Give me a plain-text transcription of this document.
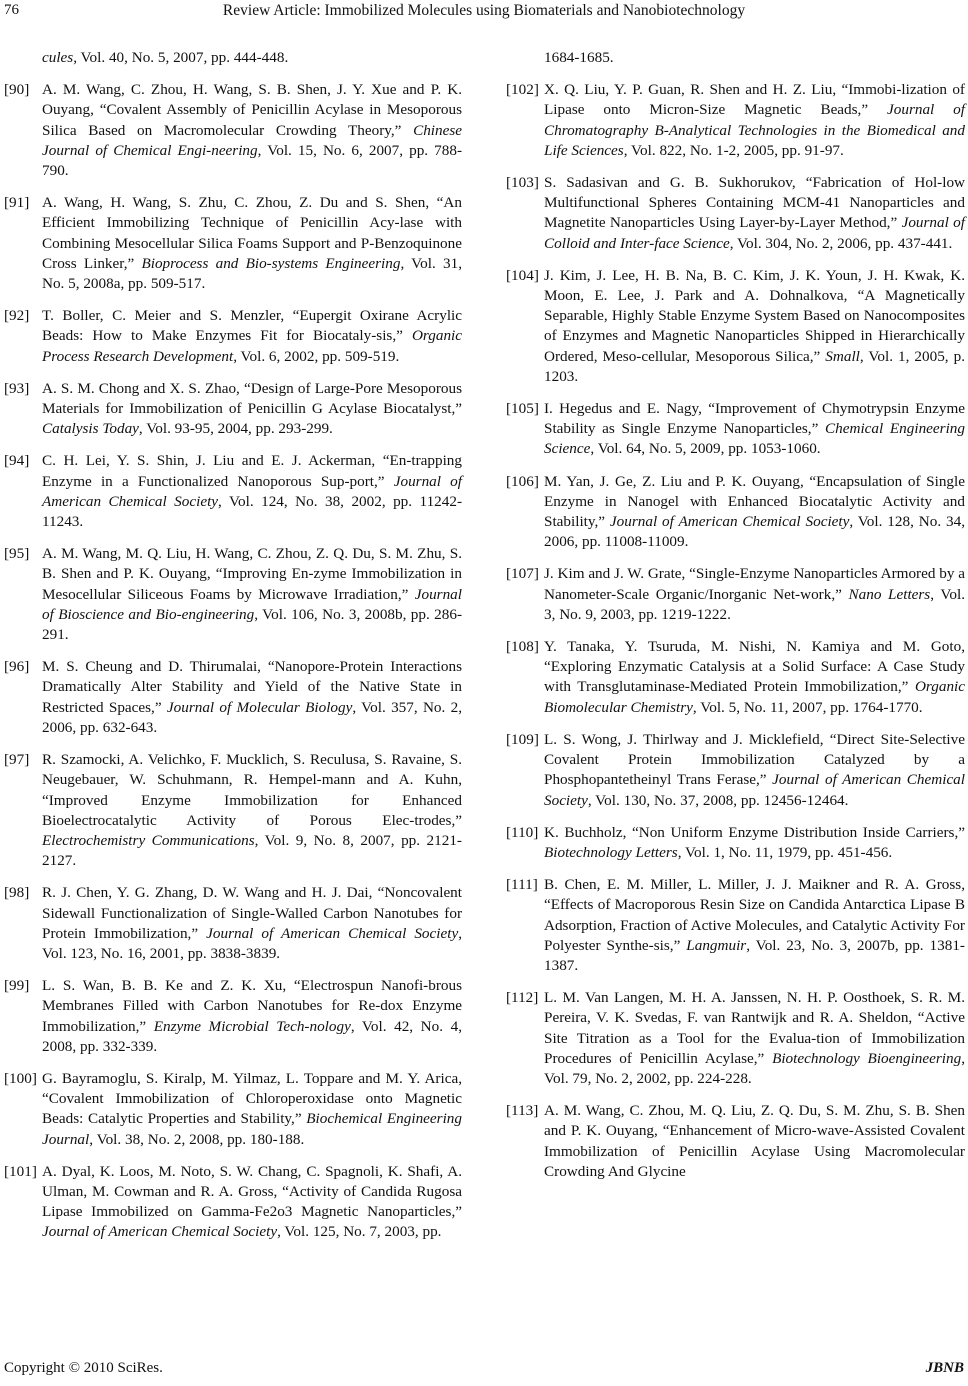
76	Review Article: Immobilized Molecules using Biomaterials and Nanobiotechnology
cules, Vol. 40, No. 5, 2007, pp. 444-448.
[90] A. M. Wang, C. Zhou, H. Wang, S. B. Shen, J. Y. Xue and P. K. Ouyang, “Covalent Assembly of Penicillin Acylase in Mesoporous Silica Based on Macromolecular Crowding Theory,” Chinese Journal of Chemical Engi-neering, Vol. 15, No. 6, 2007, pp. 788-790.
[91] A. Wang, H. Wang, S. Zhu, C. Zhou, Z. Du and S. Shen, “An Efficient Immobilizing Technique of Penicillin Acy-lase with Combining Mesocellular Silica Foams Support and P-Benzoquinone Cross Linker,” Bioprocess and Bio-systems Engineering, Vol. 31, No. 5, 2008a, pp. 509-517.
[92] T. Boller, C. Meier and S. Menzler, “Eupergit Oxirane Acrylic Beads: How to Make Enzymes Fit for Biocataly-sis,” Organic Process Research Development, Vol. 6, 2002, pp. 509-519.
[93] A. S. M. Chong and X. S. Zhao, “Design of Large-Pore Mesoporous Materials for Immobilization of Penicillin G Acylase Biocatalyst,” Catalysis Today, Vol. 93-95, 2004, pp. 293-299.
[94] C. H. Lei, Y. S. Shin, J. Liu and E. J. Ackerman, “En-trapping Enzyme in a Functionalized Nanoporous Sup-port,” Journal of American Chemical Society, Vol. 124, No. 38, 2002, pp. 11242-11243.
[95] A. M. Wang, M. Q. Liu, H. Wang, C. Zhou, Z. Q. Du, S. M. Zhu, S. B. Shen and P. K. Ouyang, “Improving En-zyme Immobilization in Mesocellular Siliceous Foams by Microwave Irradiation,” Journal of Bioscience and Bio-engineering, Vol. 106, No. 3, 2008b, pp. 286-291.
[96] M. S. Cheung and D. Thirumalai, “Nanopore-Protein Interactions Dramatically Alter Stability and Yield of the Native State in Restricted Spaces,” Journal of Molecular Biology, Vol. 357, No. 2, 2006, pp. 632-643.
[97] R. Szamocki, A. Velichko, F. Mucklich, S. Reculusa, S. Ravaine, S. Neugebauer, W. Schuhmann, R. Hempel-mann and A. Kuhn, “Improved Enzyme Immobilization for Enhanced Bioelectrocatalytic Activity of Porous Elec-trodes,” Electrochemistry Communications, Vol. 9, No. 8, 2007, pp. 2121-2127.
[98] R. J. Chen, Y. G. Zhang, D. W. Wang and H. J. Dai, “Noncovalent Sidewall Functionalization of Single-Walled Carbon Nanotubes for Protein Immobilization,” Journal of American Chemical Society, Vol. 123, No. 16, 2001, pp. 3838-3839.
[99] L. S. Wan, B. B. Ke and Z. K. Xu, “Electrospun Nanofi-brous Membranes Filled with Carbon Nanotubes for Re-dox Enzyme Immobilization,” Enzyme Microbial Tech-nology, Vol. 42, No. 4, 2008, pp. 332-339.
[100] G. Bayramoglu, S. Kiralp, M. Yilmaz, L. Toppare and M. Y. Arica, “Covalent Immobilization of Chloroperoxidase onto Magnetic Beads: Catalytic Properties and Stability,” Biochemical Engineering Journal, Vol. 38, No. 2, 2008, pp. 180-188.
[101] A. Dyal, K. Loos, M. Noto, S. W. Chang, C. Spagnoli, K. Shafi, A. Ulman, M. Cowman and R. A. Gross, “Activity of Candida Rugosa Lipase Immobilized on Gamma-Fe2o3 Magnetic Nanoparticles,” Journal of American Chemical Society, Vol. 125, No. 7, 2003, pp.
1684-1685.
[102] X. Q. Liu, Y. P. Guan, R. Shen and H. Z. Liu, “Immobi-lization of Lipase onto Micron-Size Magnetic Beads,” Journal of Chromatography B-Analytical Technologies in the Biomedical and Life Sciences, Vol. 822, No. 1-2, 2005, pp. 91-97.
[103] S. Sadasivan and G. B. Sukhorukov, “Fabrication of Hol-low Multifunctional Spheres Containing MCM-41 Nanoparticles and Magnetite Nanoparticles Using Layer-by-Layer Method,” Journal of Colloid and Inter-face Science, Vol. 304, No. 2, 2006, pp. 437-441.
[104] J. Kim, J. Lee, H. B. Na, B. C. Kim, J. K. Youn, J. H. Kwak, K. Moon, E. Lee, J. Park and A. Dohnalkova, “A Magnetically Separable, Highly Stable Enzyme System Based on Nanocomposites of Enzymes and Magnetic Nanoparticles Shipped in Hierarchically Ordered, Meso-cellular, Mesoporous Silica,” Small, Vol. 1, 2005, p. 1203.
[105] I. Hegedus and E. Nagy, “Improvement of Chymotrypsin Enzyme Stability as Single Enzyme Nanoparticles,” Chemical Engineering Science, Vol. 64, No. 5, 2009, pp. 1053-1060.
[106] M. Yan, J. Ge, Z. Liu and P. K. Ouyang, “Encapsulation of Single Enzyme in Nanogel with Enhanced Biocatalytic Activity and Stability,” Journal of American Chemical Society, Vol. 128, No. 34, 2006, pp. 11008-11009.
[107] J. Kim and J. W. Grate, “Single-Enzyme Nanoparticles Armored by a Nanometer-Scale Organic/Inorganic Net-work,” Nano Letters, Vol. 3, No. 9, 2003, pp. 1219-1222.
[108] Y. Tanaka, Y. Tsuruda, M. Nishi, N. Kamiya and M. Goto, “Exploring Enzymatic Catalysis at a Solid Surface: A Case Study with Transglutaminase-Mediated Protein Immobilization,” Organic Biomolecular Chemistry, Vol. 5, No. 11, 2007, pp. 1764-1770.
[109] L. S. Wong, J. Thirlway and J. Micklefield, “Direct Site-Selective Covalent Protein Immobilization Catalyzed by a Phosphopantetheinyl Trans Ferase,” Journal of American Chemical Society, Vol. 130, No. 37, 2008, pp. 12456-12464.
[110] K. Buchholz, “Non Uniform Enzyme Distribution Inside Carriers,” Biotechnology Letters, Vol. 1, No. 11, 1979, pp. 451-456.
[111] B. Chen, E. M. Miller, L. Miller, J. J. Maikner and R. A. Gross, “Effects of Macroporous Resin Size on Candida Antarctica Lipase B Adsorption, Fraction of Active Molecules, and Catalytic Activity For Polyester Synthe-sis,” Langmuir, Vol. 23, No. 3, 2007b, pp. 1381-1387.
[112] L. M. Van Langen, M. H. A. Janssen, N. H. P. Oosthoek, S. R. M. Pereira, V. K. Svedas, F. van Rantwijk and R. A. Sheldon, “Active Site Titration as a Tool for the Evalua-tion of Immobilization Procedures of Penicillin Acylase,” Biotechnology Bioengineering, Vol. 79, No. 2, 2002, pp. 224-228.
[113] A. M. Wang, C. Zhou, M. Q. Liu, Z. Q. Du, S. M. Zhu, S. B. Shen and P. K. Ouyang, “Enhancement of Micro-wave-Assisted Covalent Immobilization of Penicillin Acylase Using Macromolecular Crowding And Glycine
Copyright © 2010 SciRes.	JBNB
